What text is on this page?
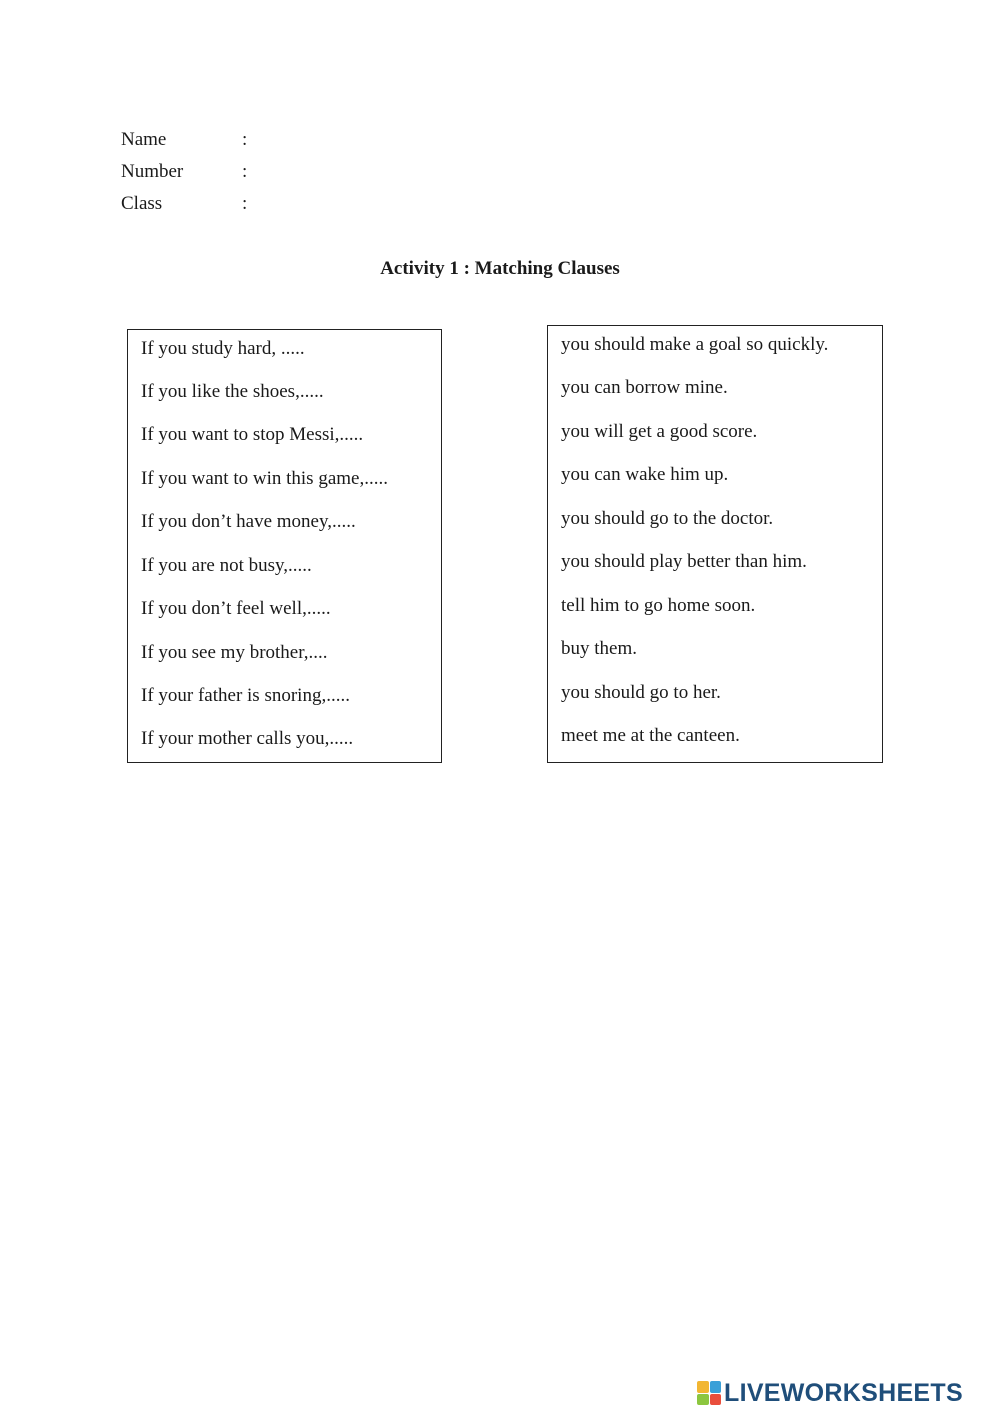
Name	:
Number	:
Class	:
Activity 1 : Matching Clauses
If you study hard, .....
If you like the shoes,.....
If you want to stop Messi,.....
If you want to win this game,.....
If you don’t have money,.....
If you are not busy,.....
If you don’t feel well,.....
If you see my brother,....
If your father is snoring,.....
If your mother calls you,.....
you should make a goal so quickly.
you can borrow mine.
you will get a good score.
you can wake him up.
you should go to the doctor.
you should play better than him.
tell him to go home soon.
buy them.
you should go to her.
meet me at the canteen.
LIVEWORKSHEETS
